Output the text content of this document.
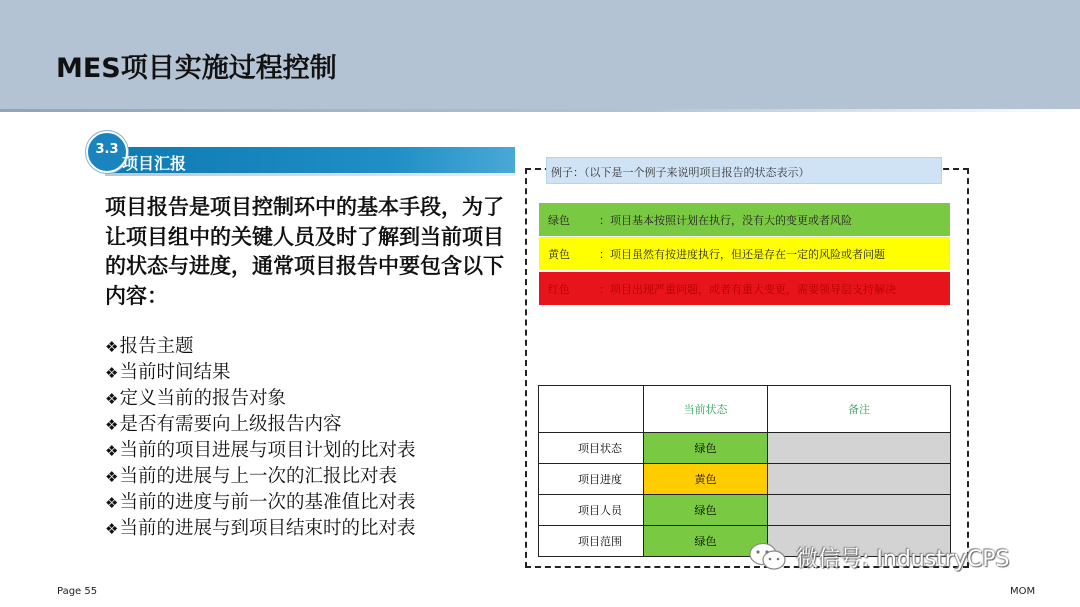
MES项目实施过程控制
3.3
项目汇报

项目报告是项目控制环中的基本手段，为了让项目组中的关键人员及时了解到当前项目的状态与进度，通常项目报告中要包含以下内容：

❖报告主题
❖当前时间结果
❖定义当前的报告对象
❖是否有需要向上级报告内容
❖当前的项目进展与项目计划的比对表
❖当前的进展与上一次的汇报比对表
❖当前的进度与前一次的基准值比对表
❖当前的进展与到项目结束时的比对表
例子：（以下是一个例子来说明项目报告的状态表示）
绿色	：项目基本按照计划在执行，没有大的变更或者风险
黄色	：项目虽然有按进度执行，但还是存在一定的风险或者问题
红色	：项目出现严重问题，或者有重大变更，需要领导层支持解决
	当前状态	备注
项目状态	绿色	
项目进度	黄色	
项目人员	绿色	
项目范围	绿色	
微信号: IndustryCPS
Page 55	MOM
